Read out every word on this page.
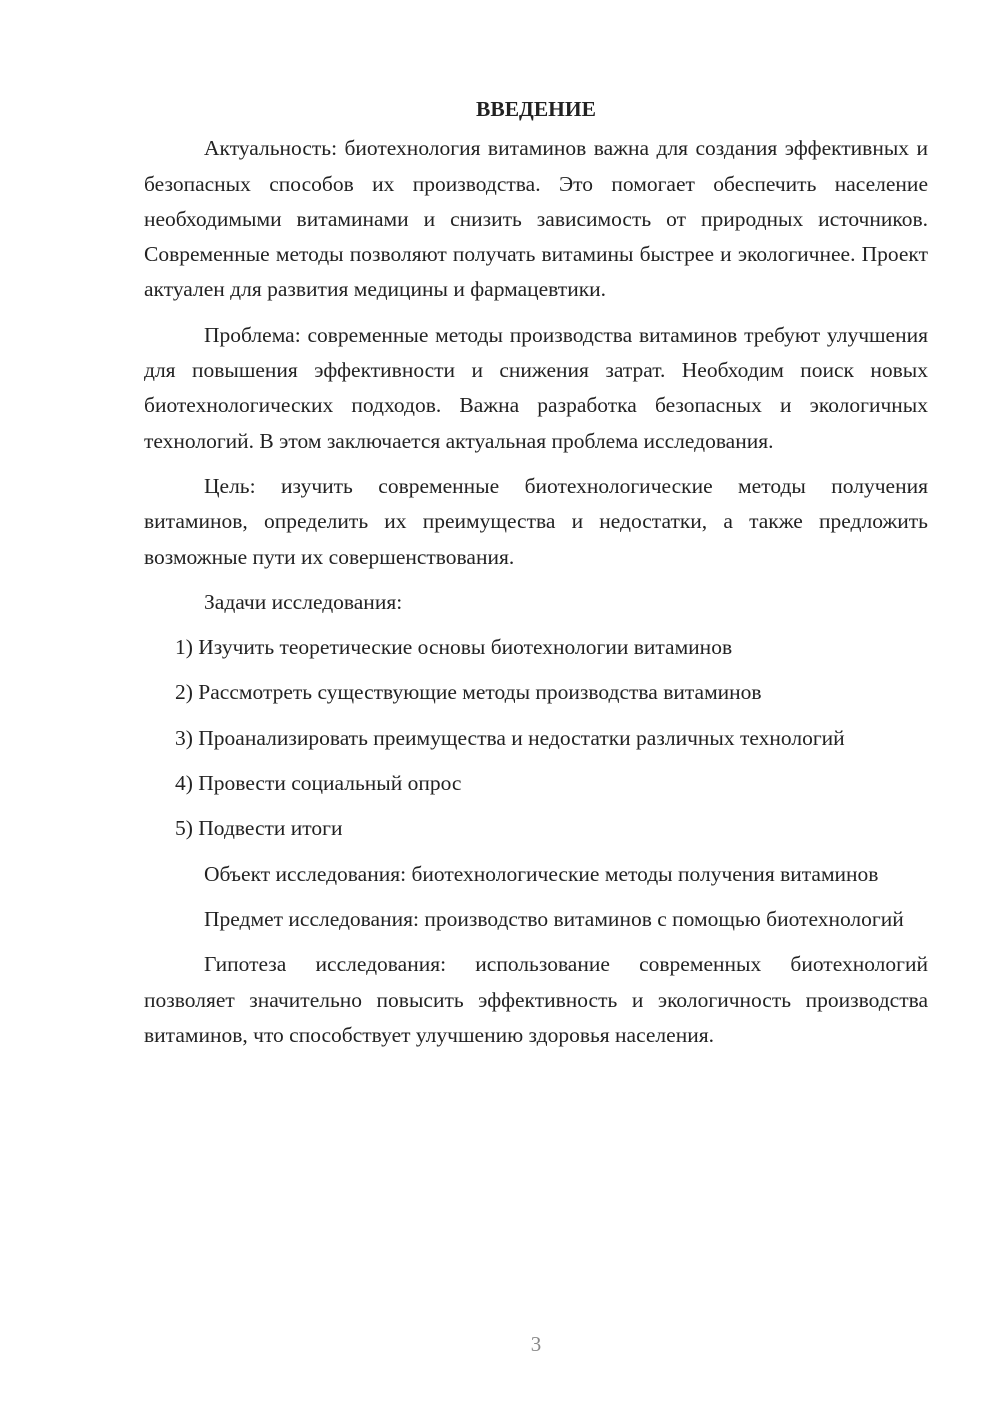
ВВЕДЕНИЕ

Актуальность: биотехнология витаминов важна для создания эффективных и безопасных способов их производства. Это помогает обеспечить население необходимыми витаминами и снизить зависимость от природных источников. Современные методы позволяют получать витамины быстрее и экологичнее. Проект актуален для развития медицины и фармацевтики.

Проблема: современные методы производства витаминов требуют улучшения для повышения эффективности и снижения затрат. Необходим поиск новых биотехнологических подходов. Важна разработка безопасных и экологичных технологий. В этом заключается актуальная проблема исследования.

Цель: изучить современные биотехнологические методы получения витаминов, определить их преимущества и недостатки, а также предложить возможные пути их совершенствования.

Задачи исследования:

1) Изучить теоретические основы биотехнологии витаминов

2) Рассмотреть существующие методы производства витаминов

3) Проанализировать преимущества и недостатки различных технологий

4) Провести социальный опрос

5) Подвести итоги

Объект исследования: биотехнологические методы получения витаминов

Предмет исследования: производство витаминов с помощью биотехнологий

Гипотеза исследования: использование современных биотехнологий позволяет значительно повысить эффективность и экологичность производства витаминов, что способствует улучшению здоровья населения.

3
